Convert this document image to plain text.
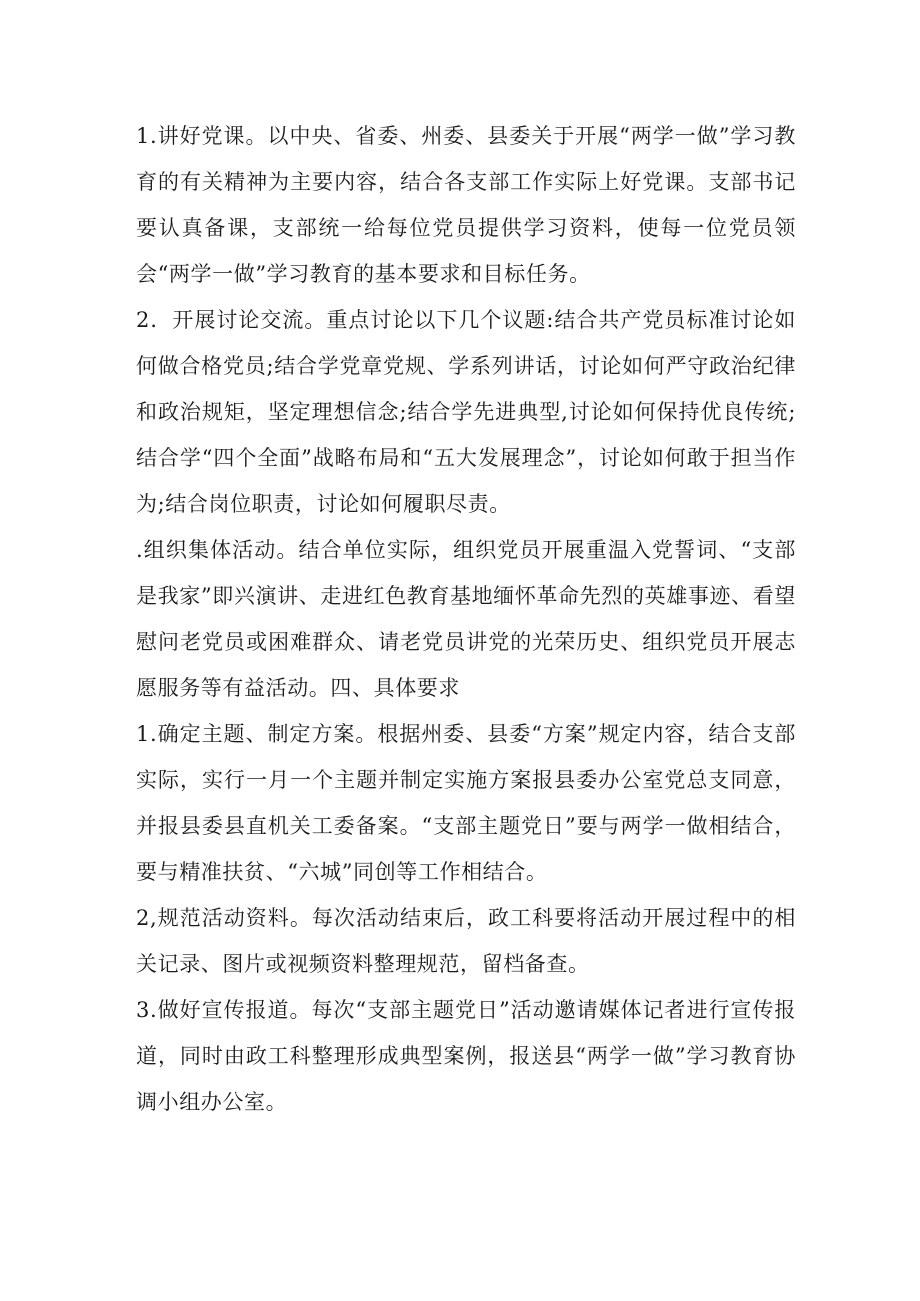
1.讲好党课。以中央、省委、州委、县委关于开展“两学一做”学习教育的有关精神为主要内容，结合各支部工作实际上好党课。支部书记要认真备课，支部统一给每位党员提供学习资料，使每一位党员领会“两学一做”学习教育的基本要求和目标任务。

2．开展讨论交流。重点讨论以下几个议题:结合共产党员标准讨论如何做合格党员;结合学党章党规、学系列讲话，讨论如何严守政治纪律和政治规矩，坚定理想信念;结合学先进典型,讨论如何保持优良传统;结合学“四个全面”战略布局和“五大发展理念”，讨论如何敢于担当作为;结合岗位职责，讨论如何履职尽责。

.组织集体活动。结合单位实际，组织党员开展重温入党誓词、“支部是我家”即兴演讲、走进红色教育基地缅怀革命先烈的英雄事迹、看望慰问老党员或困难群众、请老党员讲党的光荣历史、组织党员开展志愿服务等有益活动。四、具体要求

1.确定主题、制定方案。根据州委、县委“方案”规定内容，结合支部实际，实行一月一个主题并制定实施方案报县委办公室党总支同意，并报县委县直机关工委备案。“支部主题党日”要与两学一做相结合，要与精准扶贫、“六城”同创等工作相结合。

2,规范活动资料。每次活动结束后，政工科要将活动开展过程中的相关记录、图片或视频资料整理规范，留档备查。

3.做好宣传报道。每次“支部主题党日”活动邀请媒体记者进行宣传报道，同时由政工科整理形成典型案例，报送县“两学一做”学习教育协调小组办公室。
